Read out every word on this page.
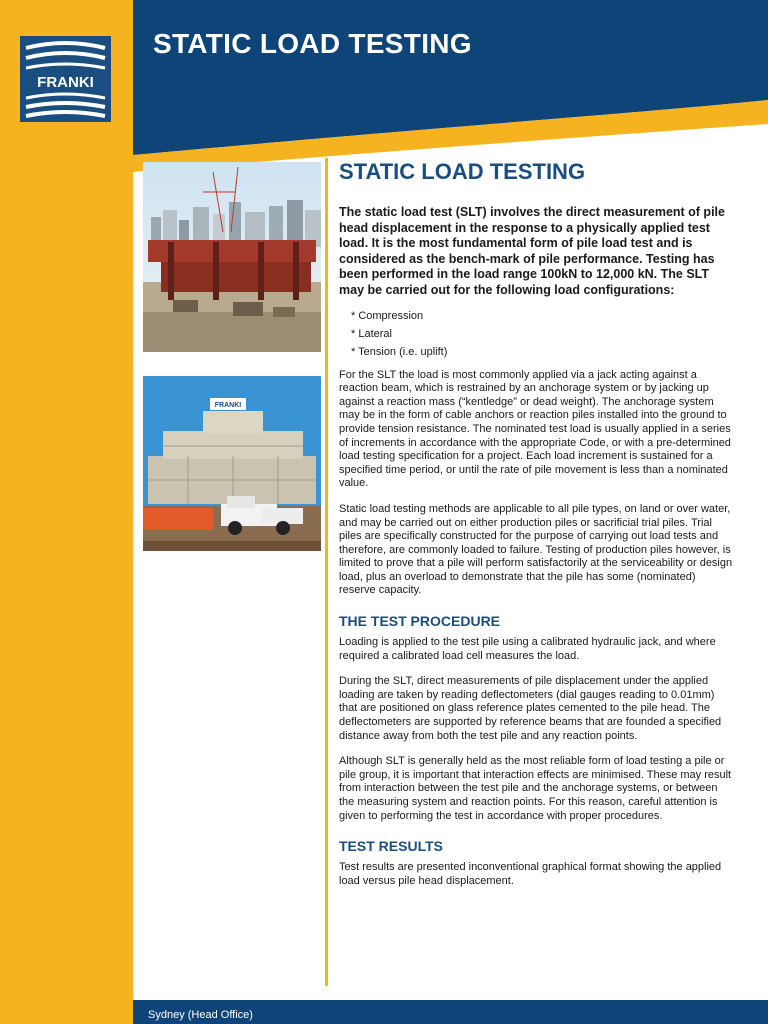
STATIC LOAD TESTING
FRANKI
FRANKI
STATIC LOAD TESTING

The static load test (SLT) involves the direct measurement of pile head displacement in the response to a physically applied test load. It is the most fundamental form of pile load test and is considered as the bench-mark of pile performance. Testing has been performed in the load range 100kN to 12,000 kN. The SLT may be carried out for the following load configurations:

* Compression
* Lateral
* Tension (i.e. uplift)

For the SLT the load is most commonly applied via a jack acting against a reaction beam, which is restrained by an anchorage system or by jacking up against a reaction mass (“kentledge” or dead weight). The anchorage system may be in the form of cable anchors or reaction piles installed into the ground to provide tension resistance. The nominated test load is usually applied in a series of increments in accordance with the appropriate Code, or with a pre-determined load testing specification for a project. Each load increment is sustained for a specified time period, or until the rate of pile movement is less than a nominated value.

Static load testing methods are applicable to all pile types, on land or over water, and may be carried out on either production piles or sacrificial trial piles. Trial piles are specifically constructed for the purpose of carrying out load tests and therefore, are commonly loaded to failure. Testing of production piles however, is limited to prove that a pile will perform satisfactorily at the serviceability or design load, plus an overload to demonstrate that the pile has some (nominated) reserve capacity.

THE TEST PROCEDURE

Loading is applied to the test pile using a calibrated hydraulic jack, and where required a calibrated load cell measures the load.

During the SLT, direct measurements of pile displacement under the applied loading are taken by reading deflectometers (dial gauges reading to 0.01mm) that are positioned on glass reference plates cemented to the pile head. The deflectometers are supported by reference beams that are founded a specified distance away from both the test pile and any reaction points.

Although SLT is generally held as the most reliable form of load testing a pile or pile group, it is important that interaction effects are minimised. These may result from interaction between the test pile and the anchorage systems, or between the measuring system and reaction points. For this reason, careful attention is given to performing the test in accordance with proper procedures.

TEST RESULTS

Test results are presented inconventional graphical format showing the applied load versus pile head displacement.

Sydney (Head Office)
